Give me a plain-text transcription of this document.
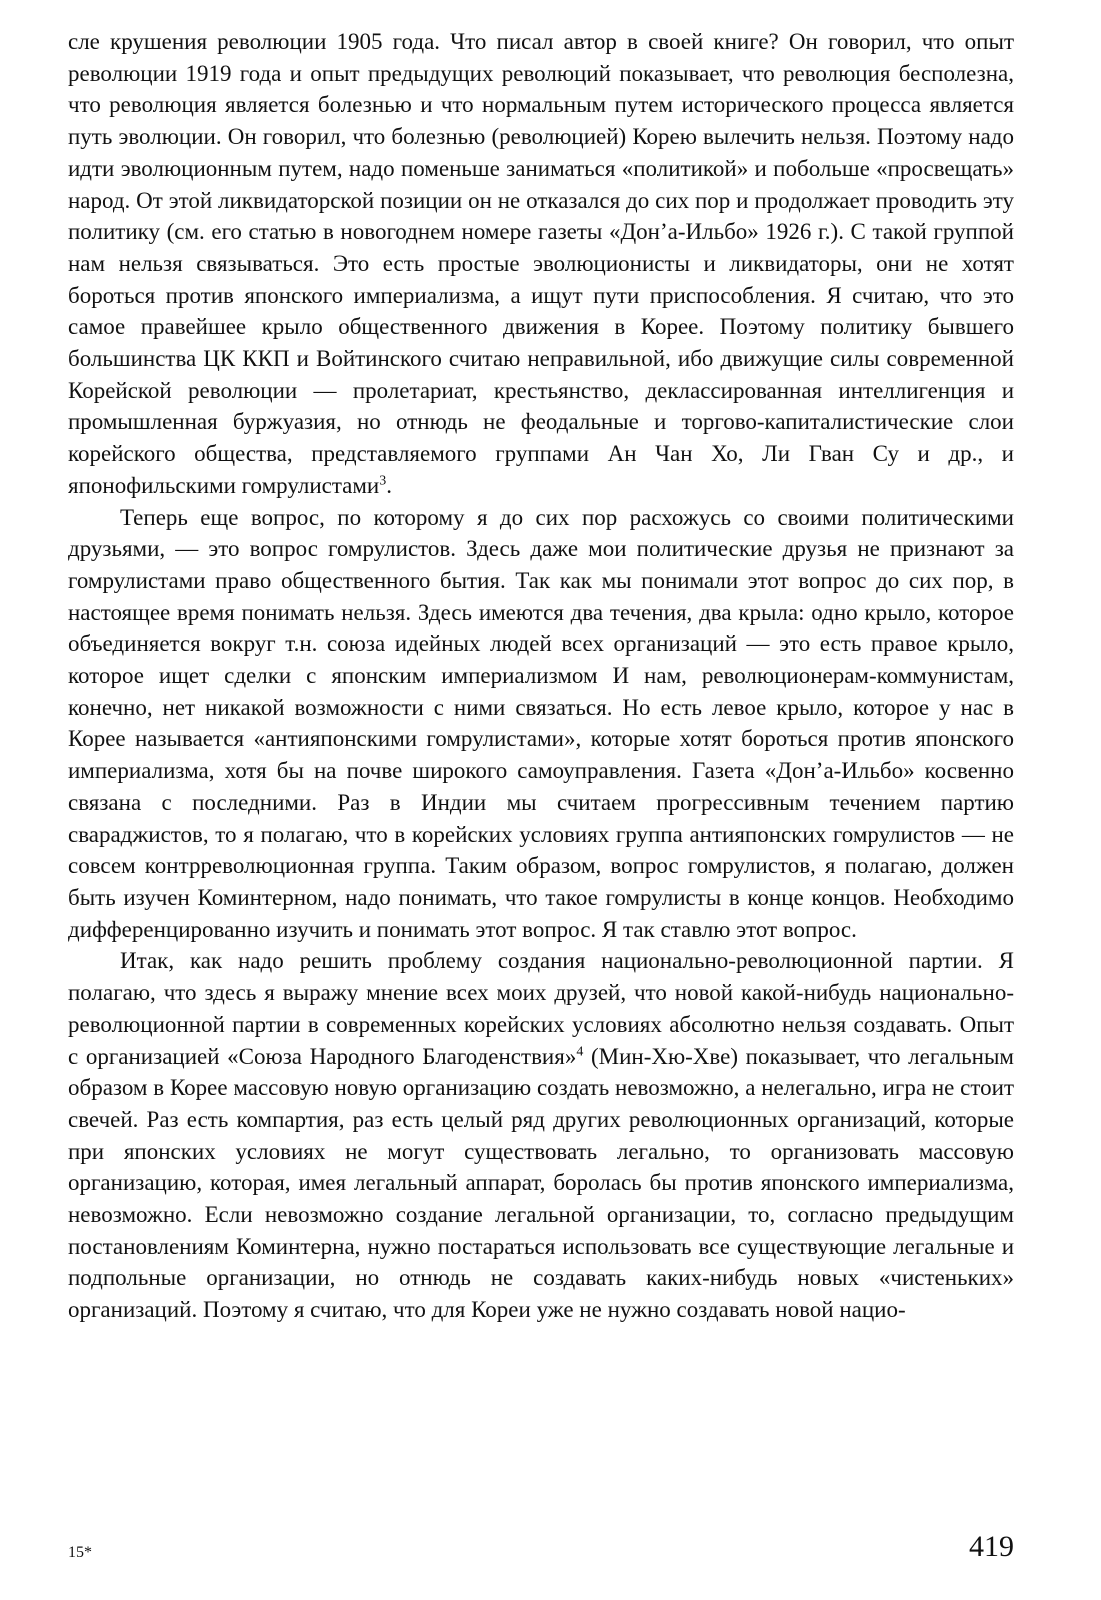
сле крушения революции 1905 года. Что писал автор в своей книге? Он говорил, что опыт революции 1919 года и опыт предыдущих революций показывает, что революция бесполезна, что революция является болезнью и что нормальным путем исторического процесса является путь эволюции. Он говорил, что болезнью (революцией) Корею вылечить нельзя. Поэтому надо идти эволюционным путем, надо поменьше заниматься «политикой» и побольше «просвещать» народ. От этой ликвидаторской позиции он не отказался до сих пор и продолжает проводить эту политику (см. его статью в новогоднем номере газеты «Дон’а-Ильбо» 1926 г.). С такой группой нам нельзя связываться. Это есть простые эволюционисты и ликвидаторы, они не хотят бороться против японского империализма, а ищут пути приспособления. Я считаю, что это самое правейшее крыло общественного движения в Корее. Поэтому политику бывшего большинства ЦК ККП и Войтинского считаю неправильной, ибо движущие силы современной Корейской революции — пролетариат, крестьянство, деклассированная интеллигенция и промышленная буржуазия, но отнюдь не феодальные и торгово-капиталистические слои корейского общества, представляемого группами Ан Чан Хо, Ли Гван Су и др., и японофильскими гомрулистами$^3$.

Теперь еще вопрос, по которому я до сих пор расхожусь со своими политическими друзьями, — это вопрос гомрулистов. Здесь даже мои политические друзья не признают за гомрулистами право общественного бытия. Так как мы понимали этот вопрос до сих пор, в настоящее время понимать нельзя. Здесь имеются два течения, два крыла: одно крыло, которое объединяется вокруг т.н. союза идейных людей всех организаций — это есть правое крыло, которое ищет сделки с японским империализмом И нам, революционерам-коммунистам, конечно, нет никакой возможности с ними связаться. Но есть левое крыло, которое у нас в Корее называется «антияпонскими гомрулистами», которые хотят бороться против японского империализма, хотя бы на почве широкого самоуправления. Газета «Дон’а-Ильбо» косвенно связана с последними. Раз в Индии мы считаем прогрессивным течением партию свараджистов, то я полагаю, что в корейских условиях группа антияпонских гомрулистов — не совсем контрреволюционная группа. Таким образом, вопрос гомрулистов, я полагаю, должен быть изучен Коминтерном, надо понимать, что такое гомрулисты в конце концов. Необходимо дифференцированно изучить и понимать этот вопрос. Я так ставлю этот вопрос.

Итак, как надо решить проблему создания национально-революционной партии. Я полагаю, что здесь я выражу мнение всех моих друзей, что новой какой-нибудь национально-революционной партии в современных корейских условиях абсолютно нельзя создавать. Опыт с организацией «Союза Народного Благоденствия»$^4$ (Мин-Хю-Хве) показывает, что легальным образом в Корее массовую новую организацию создать невозможно, а нелегально, игра не стоит свечей. Раз есть компартия, раз есть целый ряд других революционных организаций, которые при японских условиях не могут существовать легально, то организовать массовую организацию, которая, имея легальный аппарат, боролась бы против японского империализма, невозможно. Если невозможно создание легальной организации, то, согласно предыдущим постановлениям Коминтерна, нужно постараться использовать все существующие легальные и подпольные организации, но отнюдь не создавать каких-нибудь новых «чистеньких» организаций. Поэтому я считаю, что для Кореи уже не нужно создавать новой нацио-

15*	419
